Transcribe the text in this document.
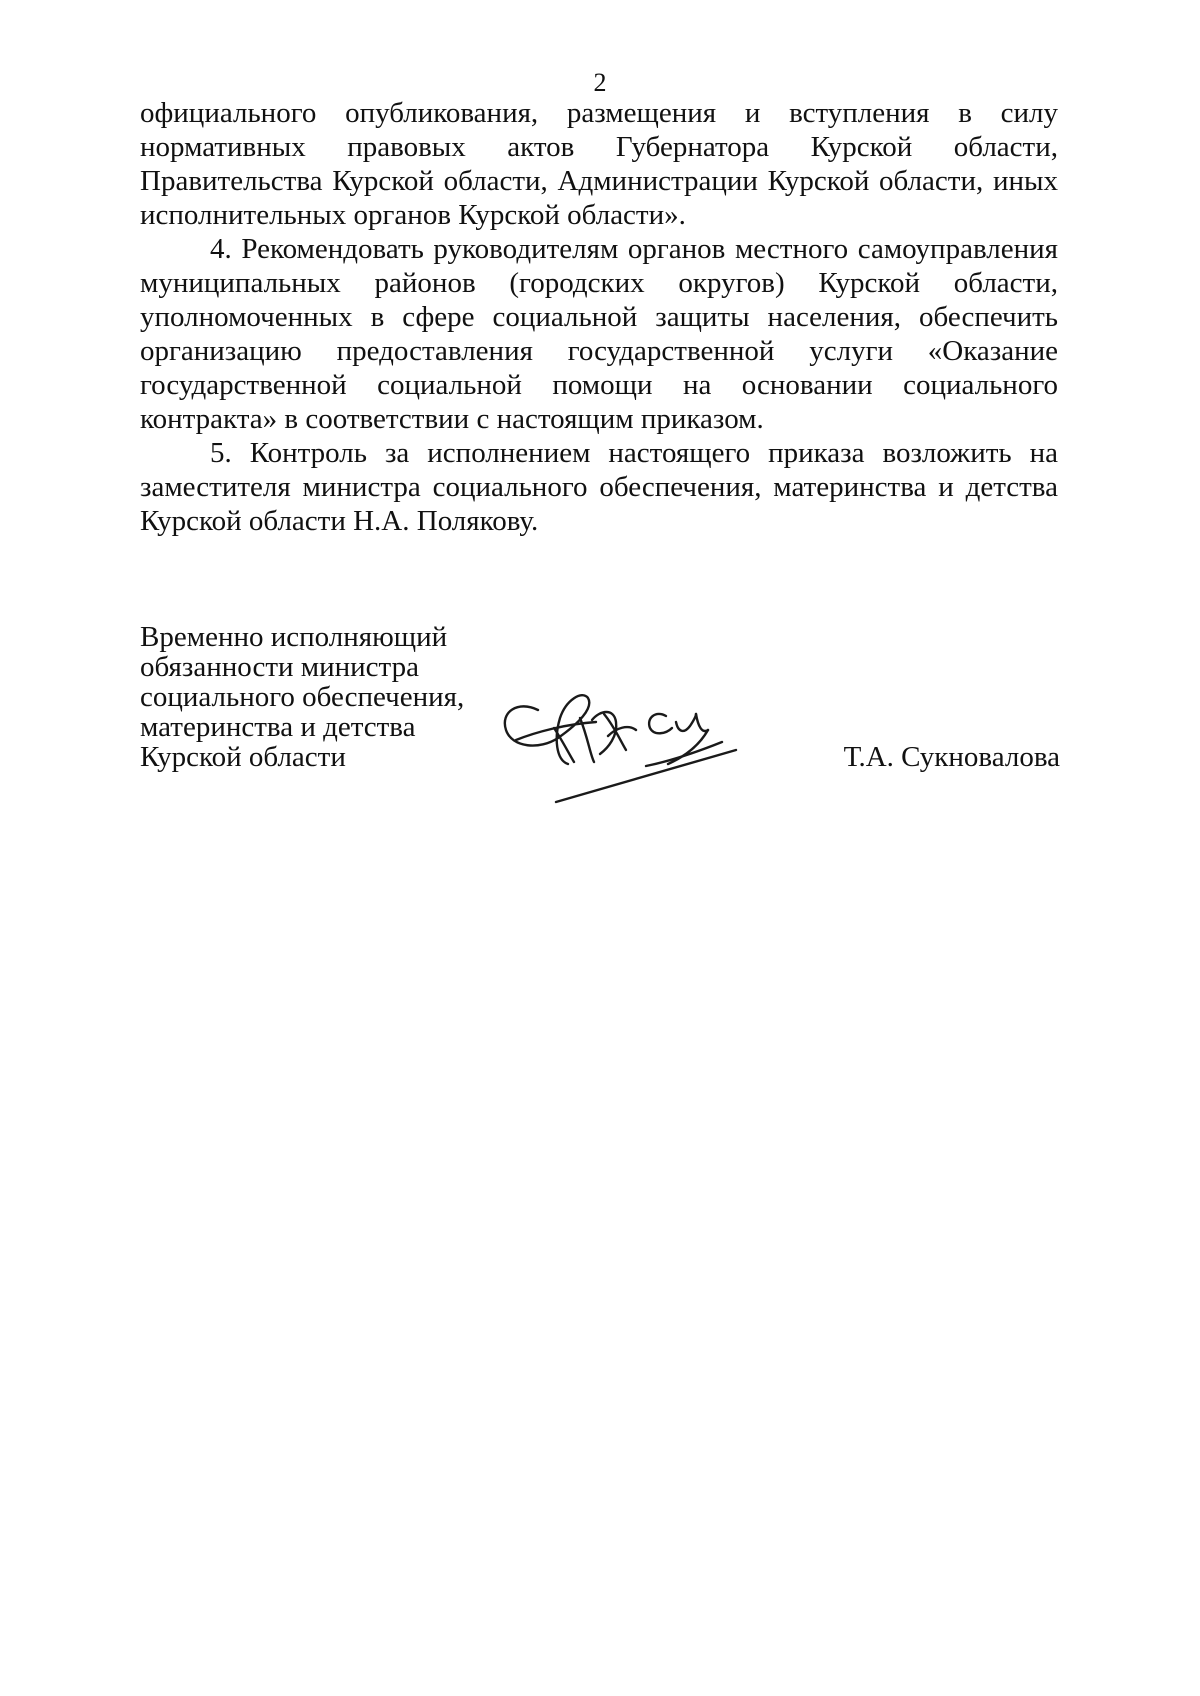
2

официального опубликования, размещения и вступления в силу нормативных правовых актов Губернатора Курской области, Правительства Курской области, Администрации Курской области, иных исполнительных органов Курской области».

4. Рекомендовать руководителям органов местного самоуправления муниципальных районов (городских округов) Курской области, уполномоченных в сфере социальной защиты населения, обеспечить организацию предоставления государственной услуги «Оказание государственной социальной помощи на основании социального контракта» в соответствии с настоящим приказом.

5. Контроль за исполнением настоящего приказа возложить на заместителя министра социального обеспечения, материнства и детства Курской области Н.А. Полякову.

Временно исполняющий
обязанности министра
социального обеспечения,
материнства и детства
Курской области	Т.А. Сукновалова
